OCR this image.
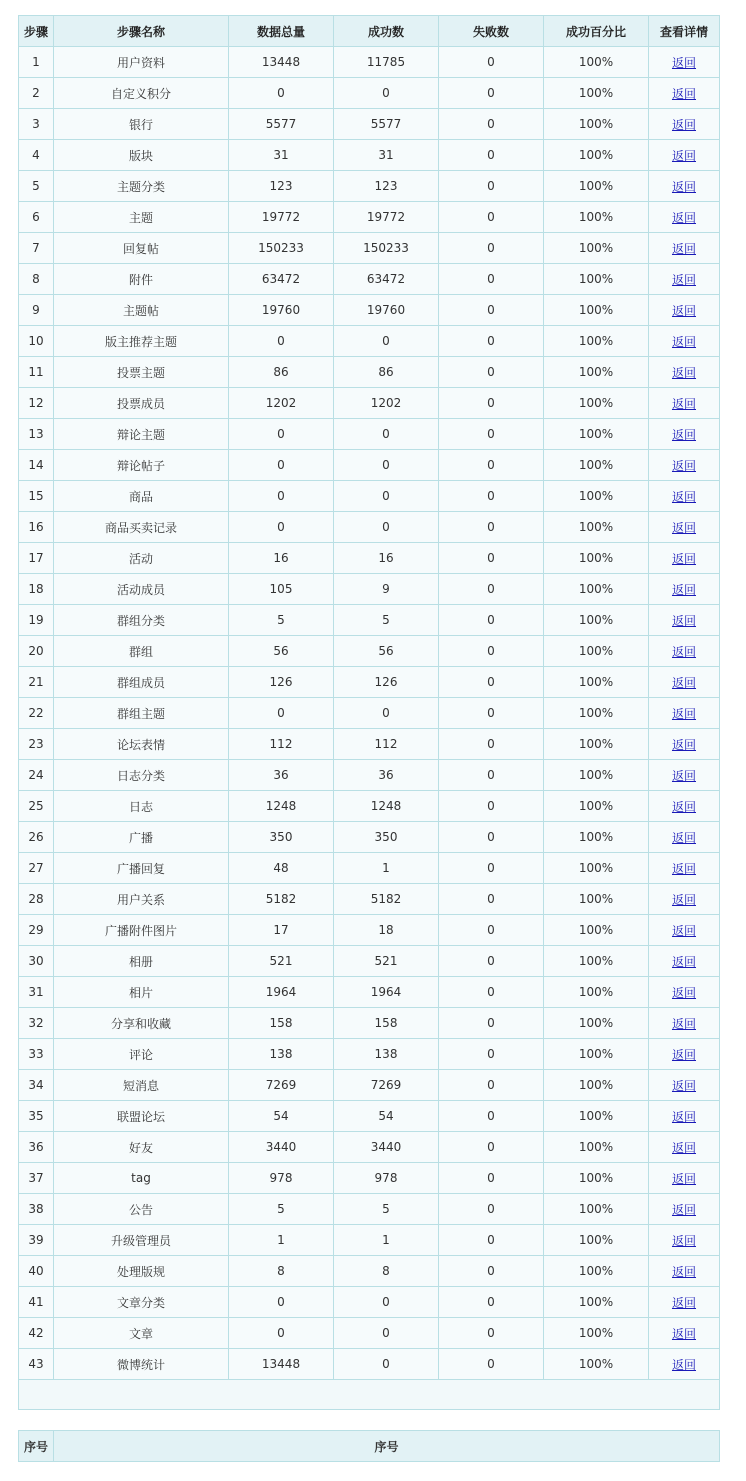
步骤	步骤名称	数据总量	成功数	失败数	成功百分比	查看详情
1	用户资料	13448	11785	0	100%	返回
2	自定义积分	0	0	0	100%	返回
3	银行	5577	5577	0	100%	返回
4	版块	31	31	0	100%	返回
5	主题分类	123	123	0	100%	返回
6	主题	19772	19772	0	100%	返回
7	回复帖	150233	150233	0	100%	返回
8	附件	63472	63472	0	100%	返回
9	主题帖	19760	19760	0	100%	返回
10	版主推荐主题	0	0	0	100%	返回
11	投票主题	86	86	0	100%	返回
12	投票成员	1202	1202	0	100%	返回
13	辩论主题	0	0	0	100%	返回
14	辩论帖子	0	0	0	100%	返回
15	商品	0	0	0	100%	返回
16	商品买卖记录	0	0	0	100%	返回
17	活动	16	16	0	100%	返回
18	活动成员	105	9	0	100%	返回
19	群组分类	5	5	0	100%	返回
20	群组	56	56	0	100%	返回
21	群组成员	126	126	0	100%	返回
22	群组主题	0	0	0	100%	返回
23	论坛表情	112	112	0	100%	返回
24	日志分类	36	36	0	100%	返回
25	日志	1248	1248	0	100%	返回
26	广播	350	350	0	100%	返回
27	广播回复	48	1	0	100%	返回
28	用户关系	5182	5182	0	100%	返回
29	广播附件图片	17	18	0	100%	返回
30	相册	521	521	0	100%	返回
31	相片	1964	1964	0	100%	返回
32	分享和收藏	158	158	0	100%	返回
33	评论	138	138	0	100%	返回
34	短消息	7269	7269	0	100%	返回
35	联盟论坛	54	54	0	100%	返回
36	好友	3440	3440	0	100%	返回
37	tag	978	978	0	100%	返回
38	公告	5	5	0	100%	返回
39	升级管理员	1	1	0	100%	返回
40	处理版规	8	8	0	100%	返回
41	文章分类	0	0	0	100%	返回
42	文章	0	0	0	100%	返回
43	微博统计	13448	0	0	100%	返回

序号	序号
